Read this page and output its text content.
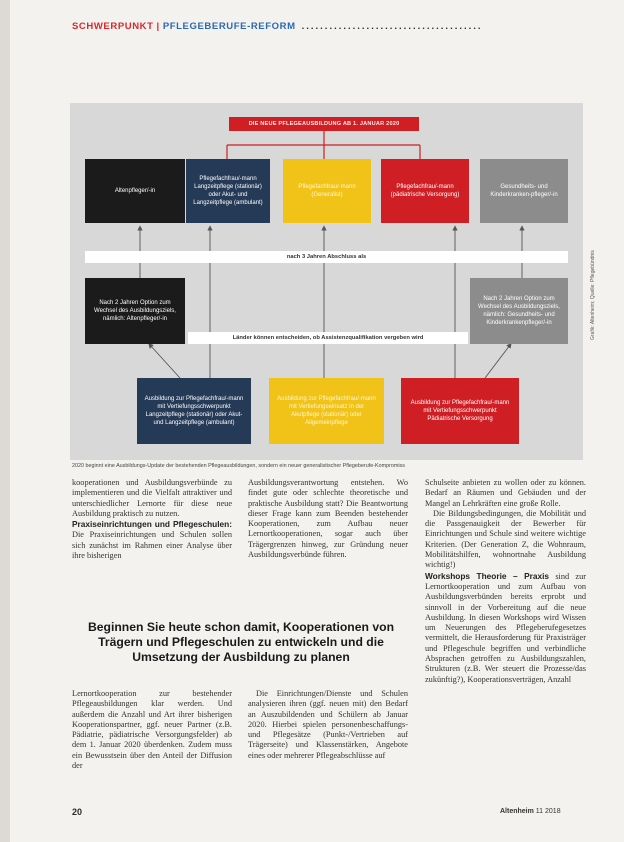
SCHWERPUNKT | PFLEGEBERUFE-REFORM .......................................
DIE NEUE PFLEGEAUSBILDUNG AB 1. JANUAR 2020
Altenpfleger/-in
Pflegefachfrau/-mann Langzeitpflege (stationär) oder Akut- und Langzeitpflege (ambulant)
Pflegefachfrau/-mann (Generalist)
Pflegefachfrau/-mann (pädiatrische Versorgung)
Gesundheits- und Kinderkranken-pfleger/-in
nach 3 Jahren Abschluss als
Nach 2 Jahren Option zum Wechsel des Ausbildungsziels, nämlich: Altenpfleger/-in
Nach 2 Jahren Option zum Wechsel des Ausbildungsziels, nämlich: Gesundheits- und Kinderkrankenpfleger/-in
Länder können entscheiden, ob Assistenzqualifikation vergeben wird
Ausbildung zur Pflegefachfrau/-mann mit Vertiefungsschwerpunkt Langzeitpflege (stationär) oder Akut- und Langzeitpflege (ambulant)
Ausbildung zur Pflegefachfrau/-mann mit Vertiefungseinsatz in der Akutpflege (stationär) oder Allgemeinpflege
Ausbildung zur Pflegefachfrau/-mann mit Vertiefungsschwerpunkt Pädiatrische Versorgung
2020 beginnt eine Ausbildungs-Update der bestehenden Pflegeausbildungen, sondern ein neuer generalistischer Pflegeberufe-Kompromiss
Grafik: Altenheim; Quelle: Pflegebündnis

kooperationen und Ausbildungsverbünde zu implementieren und die Vielfalt attraktiver und unterschiedlicher Lernorte für diese neue Ausbildung praktisch zu nutzen.

Praxiseinrichtungen und Pflegeschulen: Die Praxiseinrichtungen und Schulen sollen sich zunächst im Rahmen einer Analyse über ihre bisherigen

Ausbildungsverantwortung entstehen. Wo findet gute oder schlechte theoretische und praktische Ausbildung statt? Die Beantwortung dieser Frage kann zum Beenden bestehender Kooperationen, zum Aufbau neuer Lernortkooperationen, sogar auch über Trägergrenzen hinweg, zur Gründung neuer Ausbildungsverbünde führen.

Schulseite anbieten zu wollen oder zu können. Bedarf an Räumen und Gebäuden und der Mangel an Lehrkräften eine große Rolle.

Die Bildungsbedingungen, die Mobilität und die Passgenauigkeit der Bewerber für Einrichtungen und Schule sind weitere wichtige Kriterien. (Der Generation Z, die Wohnraum, Mobilitätshilfen, wohnortnahe Ausbildung wichtig!)

Workshops Theorie – Praxis sind zur Lernortkooperation und zum Aufbau von Ausbildungsverbünden bereits erprobt und sinnvoll in der Vorbereitung auf die neue Ausbildung. In diesen Workshops wird Wissen um Neuerungen des Pflegeberufegesetzes vermittelt, die Herausforderung für Praxisträger und Pflegeschule begriffen und verbindliche Absprachen getroffen zu Ausbildungszahlen, Strukturen (z.B. Wer steuert die Prozesse/das zukünftig?), Kooperationsverträgen, Anzahl

Beginnen Sie heute schon damit, Kooperationen von Trägern und Pflegeschulen zu entwickeln und die Umsetzung der Ausbildung zu planen

Lernortkooperation zur bestehender Pflegeausbildungen klar werden. Und außerdem die Anzahl und Art ihrer bisherigen Kooperationspartner, ggf. neuer Partner (z.B. Pädiatrie, pädiatrische Versorgungsfelder) ab dem 1. Januar 2020 überdenken. Zudem muss ein Bewusstsein über den Anteil der Diffusion der

Die Einrichtungen/Dienste und Schulen analysieren ihren (ggf. neuen mit) den Bedarf an Auszubildenden und Schülern ab Januar 2020. Hierbei spielen personenbeschaffungs- und Pflegesätze (Punkt-/Vertrieben auf Trägerseite) und Klassenstärken, Angebote eines oder mehrerer Pflegeabschlüsse auf

20	Altenheim 11 2018
